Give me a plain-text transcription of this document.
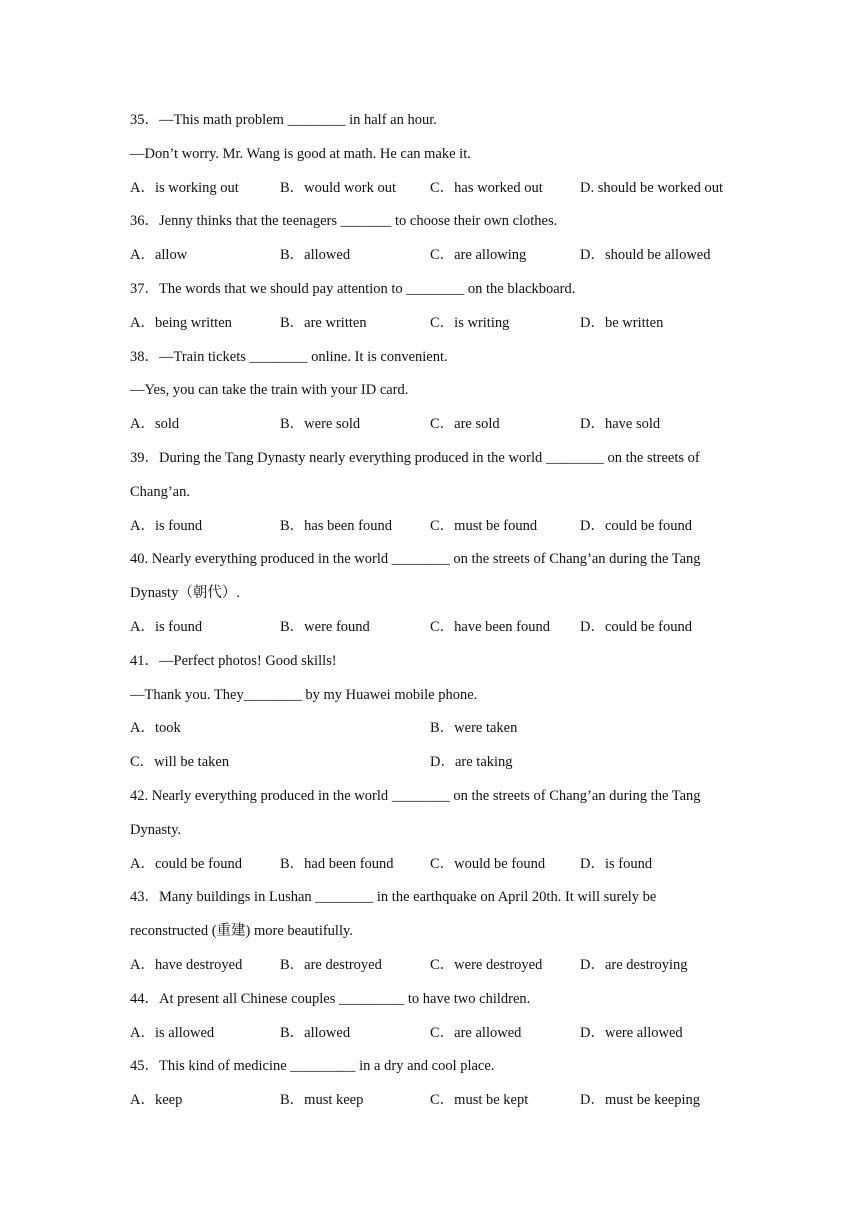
35．—This math problem ________ in half an hour.
—Don’t worry. Mr. Wang is good at math. He can make it.
A．is working out	B．would work out	C．has worked out	D. should be worked out
36．Jenny thinks that the teenagers _______ to choose their own clothes.
A．allow	B．allowed	C．are allowing	D．should be allowed
37．The words that we should pay attention to ________ on the blackboard.
A．being written	B．are written	C．is writing	D．be written
38．—Train tickets ________ online. It is convenient.
—Yes, you can take the train with your ID card.
A．sold	B．were sold	C．are sold	D．have sold
39．During the Tang Dynasty nearly everything produced in the world ________ on the streets of
Chang’an.
A．is found	B．has been found	C．must be found	D．could be found
40. Nearly everything produced in the world ________ on the streets of Chang’an during the Tang
Dynasty（朝代）.
A．is found	B．were found	C．have been found	D．could be found
41．—Perfect photos! Good skills!
—Thank you. They________ by my Huawei mobile phone.
A．took	B．were taken
C．will be taken	D．are taking
42. Nearly everything produced in the world ________ on the streets of Chang’an during the Tang
Dynasty.
A．could be found	B．had been found	C．would be found	D．is found
43．Many buildings in Lushan ________ in the earthquake on April 20th. It will surely be
reconstructed (重建) more beautifully.
A．have destroyed	B．are destroyed	C．were destroyed	D．are destroying
44．At present all Chinese couples _________ to have two children.
A．is allowed	B．allowed	C．are allowed	D．were allowed
45．This kind of medicine _________ in a dry and cool place.
A．keep	B．must keep	C．must be kept	D．must be keeping
